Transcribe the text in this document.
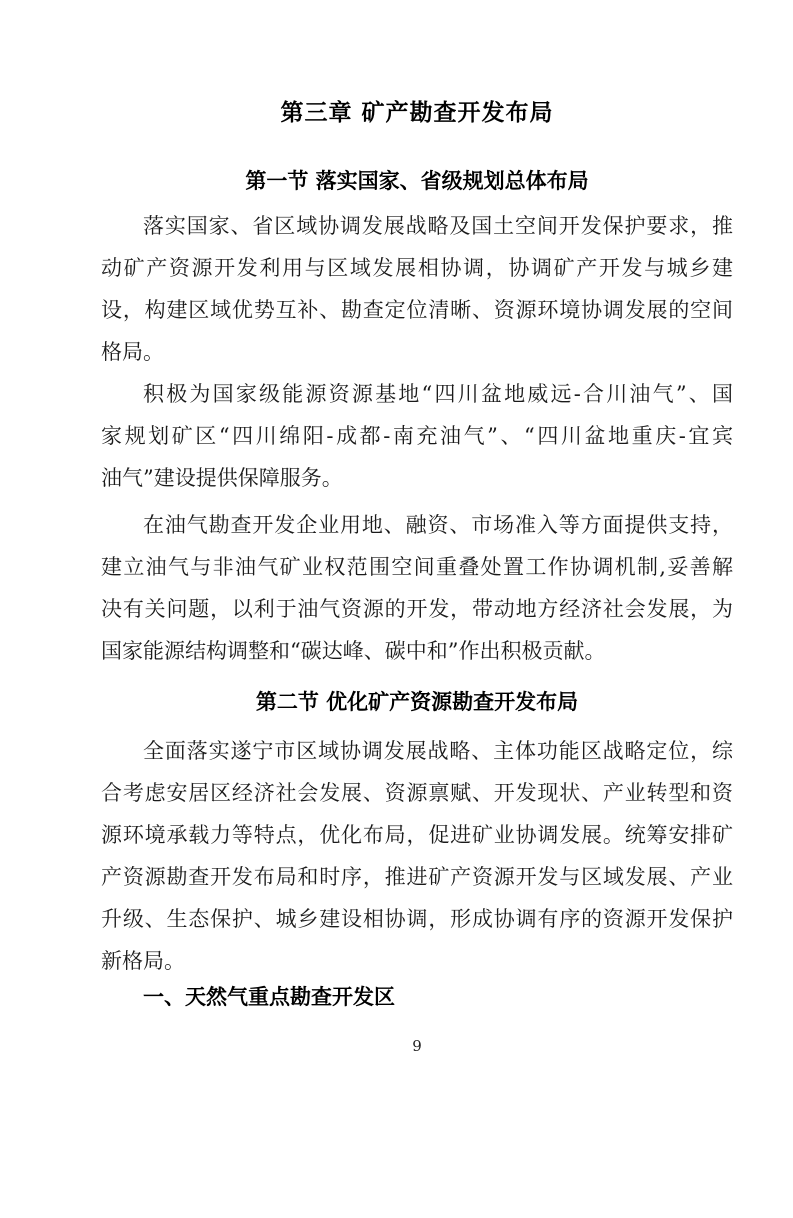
第三章 矿产勘查开发布局
第一节 落实国家、省级规划总体布局
落实国家、省区域协调发展战略及国土空间开发保护要求，推
动矿产资源开发利用与区域发展相协调，协调矿产开发与城乡建
设，构建区域优势互补、勘查定位清晰、资源环境协调发展的空间
格局。
积极为国家级能源资源基地“四川盆地威远-合川油气”、国
家规划矿区“四川绵阳-成都-南充油气”、“四川盆地重庆-宜宾
油气”建设提供保障服务。
在油气勘查开发企业用地、融资、市场准入等方面提供支持，
建立油气与非油气矿业权范围空间重叠处置工作协调机制,妥善解
决有关问题，以利于油气资源的开发，带动地方经济社会发展，为
国家能源结构调整和“碳达峰、碳中和”作出积极贡献。
第二节 优化矿产资源勘查开发布局
全面落实遂宁市区域协调发展战略、主体功能区战略定位，综
合考虑安居区经济社会发展、资源禀赋、开发现状、产业转型和资
源环境承载力等特点，优化布局，促进矿业协调发展。统筹安排矿
产资源勘查开发布局和时序，推进矿产资源开发与区域发展、产业
升级、生态保护、城乡建设相协调，形成协调有序的资源开发保护
新格局。
一、天然气重点勘查开发区
9
